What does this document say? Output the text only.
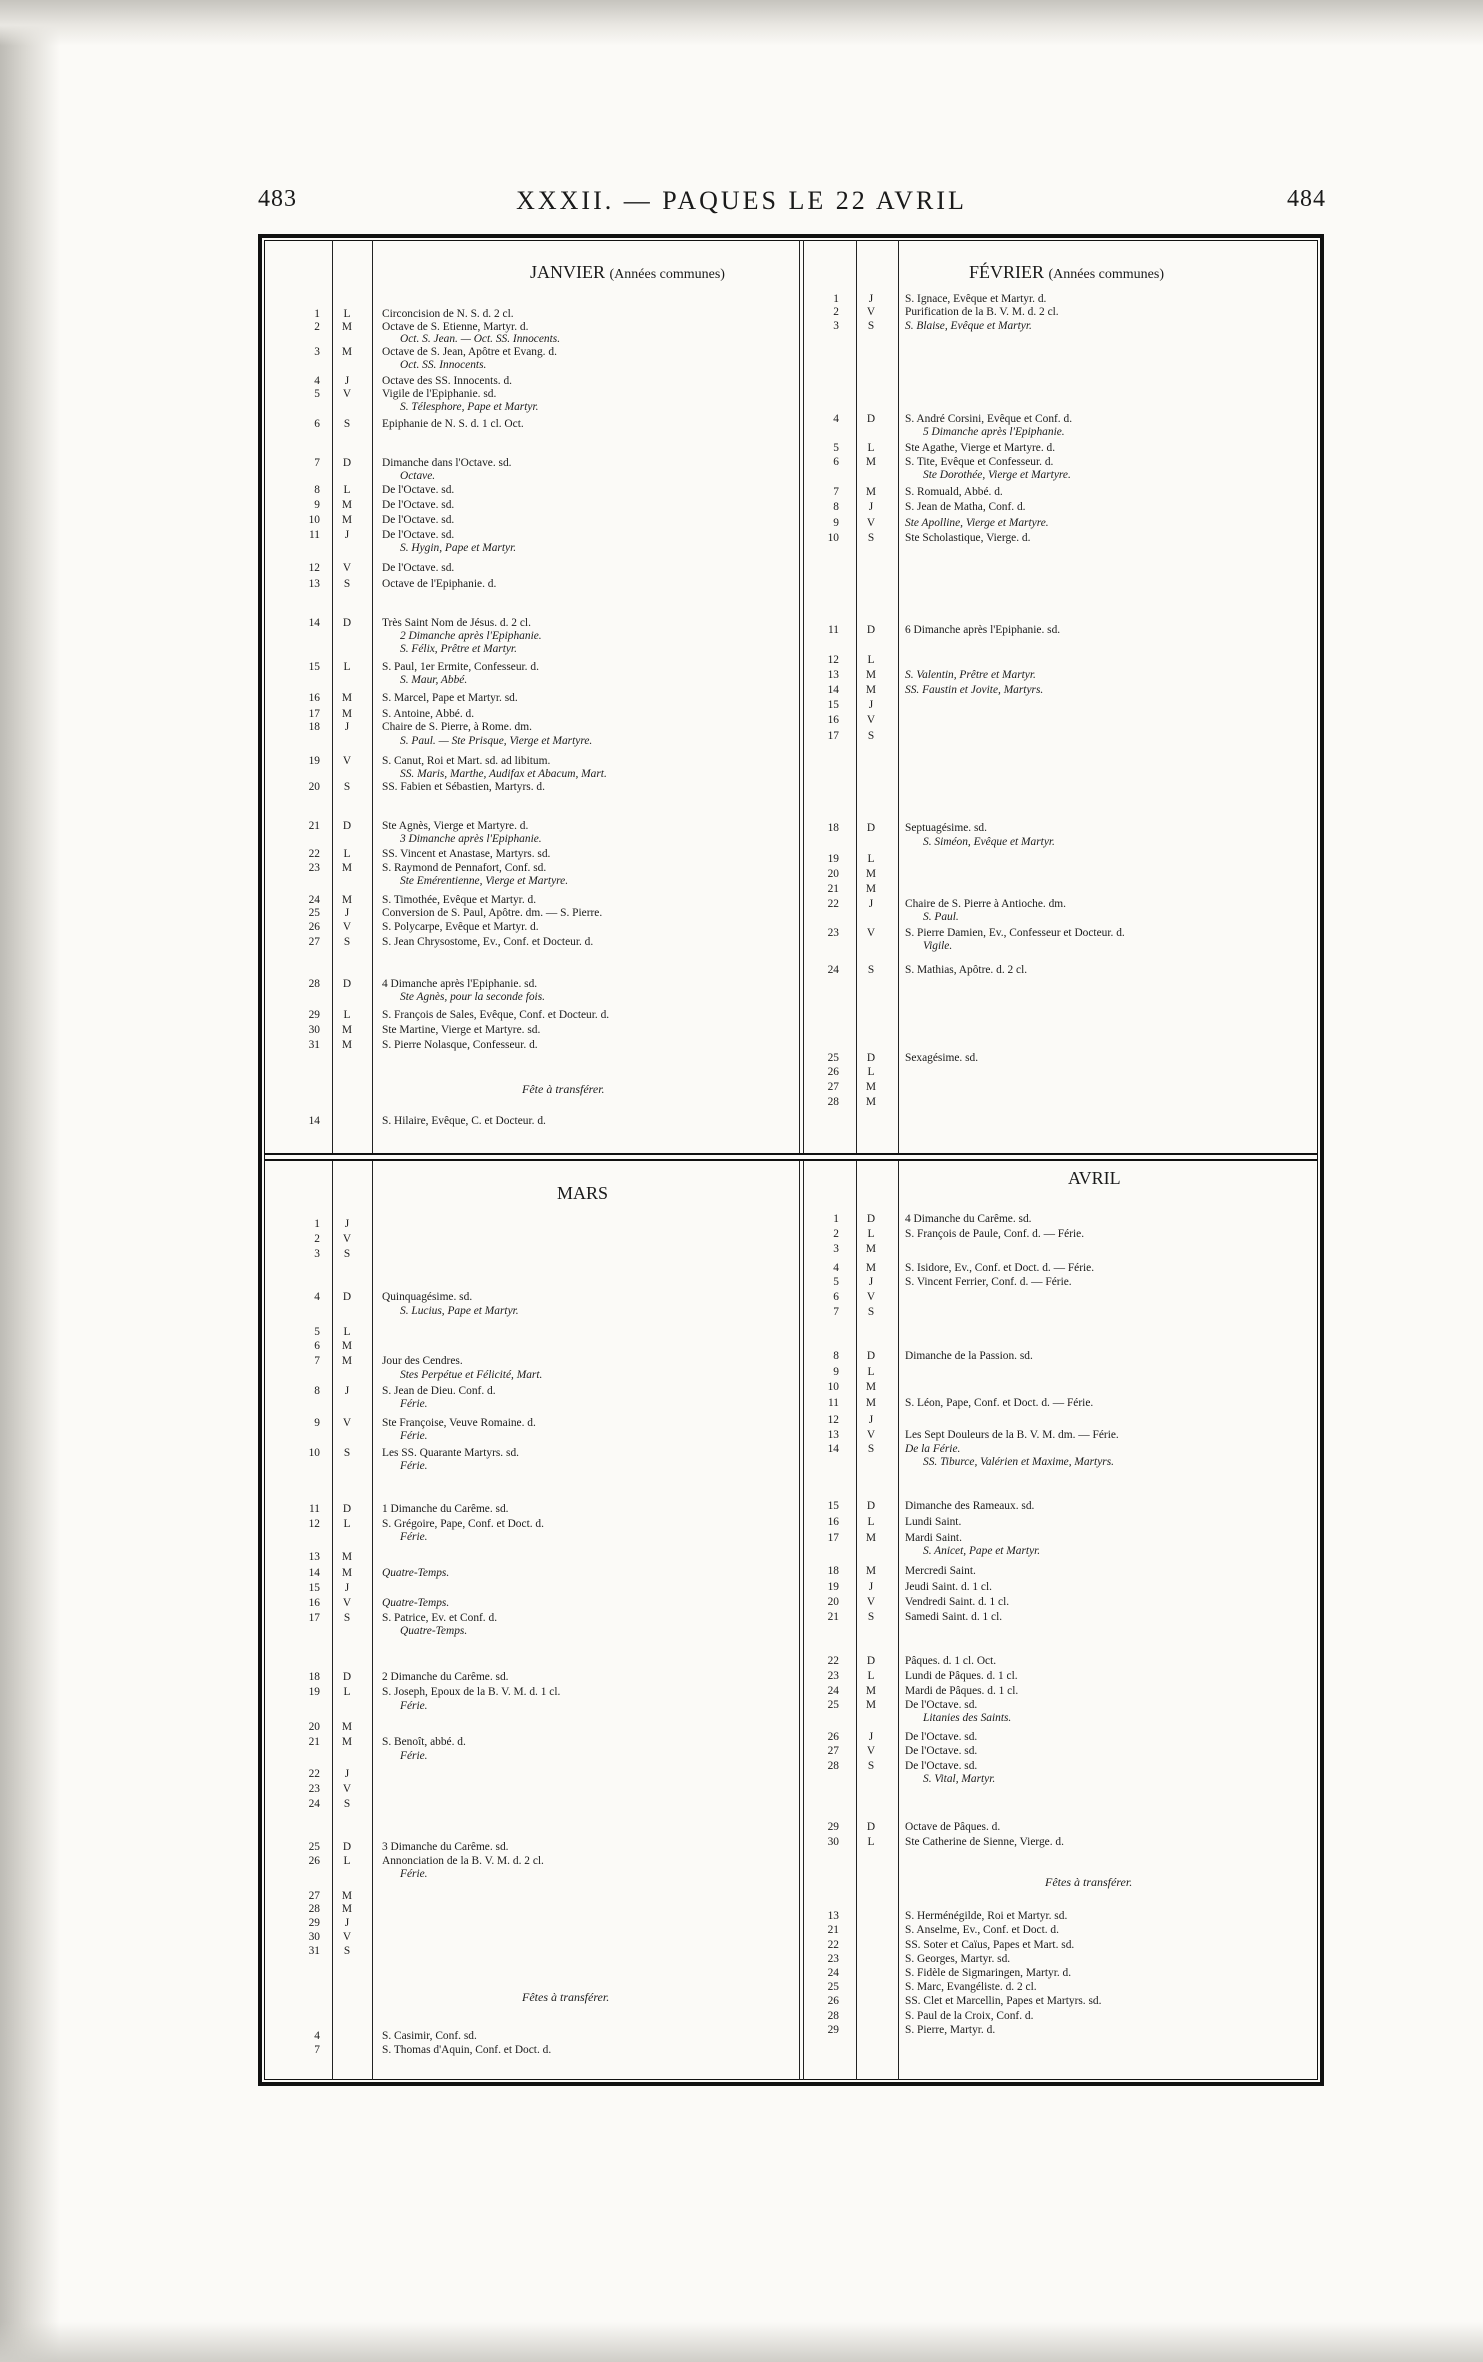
483	XXXII. — PAQUES LE 22 AVRIL	484
JANVIER (Années communes)	FÉVRIER (Années communes)
MARS
AVRIL
1	L	Circoncision de N. S. d. 2 cl.
2	M	Octave de S. Etienne, Martyr. d.
Oct. S. Jean. — Oct. SS. Innocents.
3	M	Octave de S. Jean, Apôtre et Evang. d.
Oct. SS. Innocents.
4	J	Octave des SS. Innocents. d.
5	V	Vigile de l'Epiphanie. sd.
S. Télesphore, Pape et Martyr.
6	S	Epiphanie de N. S. d. 1 cl. Oct.
7	D	Dimanche dans l'Octave. sd.
Octave.
8	L	De l'Octave. sd.
9	M	De l'Octave. sd.
10	M	De l'Octave. sd.
11	J	De l'Octave. sd.
S. Hygin, Pape et Martyr.
12	V	De l'Octave. sd.
13	S	Octave de l'Epiphanie. d.
14	D	Très Saint Nom de Jésus. d. 2 cl.
2 Dimanche après l'Epiphanie.
S. Félix, Prêtre et Martyr.
15	L	S. Paul, 1er Ermite, Confesseur. d.
S. Maur, Abbé.
16	M	S. Marcel, Pape et Martyr. sd.
17	M	S. Antoine, Abbé. d.
18	J	Chaire de S. Pierre, à Rome. dm.
S. Paul. — Ste Prisque, Vierge et Martyre.
19	V	S. Canut, Roi et Mart. sd. ad libitum.
SS. Maris, Marthe, Audifax et Abacum, Mart.
20	S	SS. Fabien et Sébastien, Martyrs. d.
21	D	Ste Agnès, Vierge et Martyre. d.
3 Dimanche après l'Epiphanie.
22	L	SS. Vincent et Anastase, Martyrs. sd.
23	M	S. Raymond de Pennafort, Conf. sd.
Ste Emérentienne, Vierge et Martyre.
24	M	S. Timothée, Evêque et Martyr. d.
25	J	Conversion de S. Paul, Apôtre. dm. — S. Pierre.
26	V	S. Polycarpe, Evêque et Martyr. d.
27	S	S. Jean Chrysostome, Ev., Conf. et Docteur. d.
28	D	4 Dimanche après l'Epiphanie. sd.
Ste Agnès, pour la seconde fois.
29	L	S. François de Sales, Evêque, Conf. et Docteur. d.
30	M	Ste Martine, Vierge et Martyre. sd.
31	M	S. Pierre Nolasque, Confesseur. d.
14	S. Hilaire, Evêque, C. et Docteur. d.
Fête à transférer.
1	J	S. Ignace, Evêque et Martyr. d.
2	V	Purification de la B. V. M. d. 2 cl.
3	S	S. Blaise, Evêque et Martyr.
4	D	S. André Corsini, Evêque et Conf. d.
5 Dimanche après l'Epiphanie.
5	L	Ste Agathe, Vierge et Martyre. d.
6	M	S. Tite, Evêque et Confesseur. d.
Ste Dorothée, Vierge et Martyre.
7	M	S. Romuald, Abbé. d.
8	J	S. Jean de Matha, Conf. d.
9	V	Ste Apolline, Vierge et Martyre.
10	S	Ste Scholastique, Vierge. d.
11	D	6 Dimanche après l'Epiphanie. sd.
12	L
13	M	S. Valentin, Prêtre et Martyr.
14	M	SS. Faustin et Jovite, Martyrs.
15	J
16	V
17	S
18	D	Septuagésime. sd.
S. Siméon, Evêque et Martyr.
19	L
20	M
21	M
22	J	Chaire de S. Pierre à Antioche. dm.
S. Paul.
23	V	S. Pierre Damien, Ev., Confesseur et Docteur. d.
Vigile.
24	S	S. Mathias, Apôtre. d. 2 cl.
25	D	Sexagésime. sd.
26	L
27	M
28	M
1	J
2	V
3	S
4	D	Quinquagésime. sd.
S. Lucius, Pape et Martyr.
5	L
6	M
7	M	Jour des Cendres.
Stes Perpétue et Félicité, Mart.
8	J	S. Jean de Dieu. Conf. d.
Férie.
9	V	Ste Françoise, Veuve Romaine. d.
Férie.
10	S	Les SS. Quarante Martyrs. sd.
Férie.
11	D	1 Dimanche du Carême. sd.
12	L	S. Grégoire, Pape, Conf. et Doct. d.
Férie.
13	M
14	M	Quatre-Temps.
15	J
16	V	Quatre-Temps.
17	S	S. Patrice, Ev. et Conf. d.
Quatre-Temps.
18	D	2 Dimanche du Carême. sd.
19	L	S. Joseph, Epoux de la B. V. M. d. 1 cl.
Férie.
20	M
21	M	S. Benoît, abbé. d.
Férie.
22	J
23	V
24	S
25	D	3 Dimanche du Carême. sd.
26	L	Annonciation de la B. V. M. d. 2 cl.
Férie.
27	M
28	M
29	J
30	V
31	S
4	S. Casimir, Conf. sd.
7	S. Thomas d'Aquin, Conf. et Doct. d.
Fêtes à transférer.
1	D	4 Dimanche du Carême. sd.
2	L	S. François de Paule, Conf. d. — Férie.
3	M
4	M	S. Isidore, Ev., Conf. et Doct. d. — Férie.
5	J	S. Vincent Ferrier, Conf. d. — Férie.
6	V
7	S
8	D	Dimanche de la Passion. sd.
9	L
10	M
11	M	S. Léon, Pape, Conf. et Doct. d. — Férie.
12	J
13	V	Les Sept Douleurs de la B. V. M. dm. — Férie.
14	S	De la Férie.
SS. Tiburce, Valérien et Maxime, Martyrs.
15	D	Dimanche des Rameaux. sd.
16	L	Lundi Saint.
17	M	Mardi Saint.
S. Anicet, Pape et Martyr.
18	M	Mercredi Saint.
19	J	Jeudi Saint. d. 1 cl.
20	V	Vendredi Saint. d. 1 cl.
21	S	Samedi Saint. d. 1 cl.
22	D	Pâques. d. 1 cl. Oct.
23	L	Lundi de Pâques. d. 1 cl.
24	M	Mardi de Pâques. d. 1 cl.
25	M	De l'Octave. sd.
Litanies des Saints.
26	J	De l'Octave. sd.
27	V	De l'Octave. sd.
28	S	De l'Octave. sd.
S. Vital, Martyr.
29	D	Octave de Pâques. d.
30	L	Ste Catherine de Sienne, Vierge. d.
13	S. Herménégilde, Roi et Martyr. sd.
21	S. Anselme, Ev., Conf. et Doct. d.
22	SS. Soter et Caïus, Papes et Mart. sd.
23	S. Georges, Martyr. sd.
24	S. Fidèle de Sigmaringen, Martyr. d.
25	S. Marc, Evangéliste. d. 2 cl.
26	SS. Clet et Marcellin, Papes et Martyrs. sd.
28	S. Paul de la Croix, Conf. d.
29	S. Pierre, Martyr. d.
Fêtes à transférer.
